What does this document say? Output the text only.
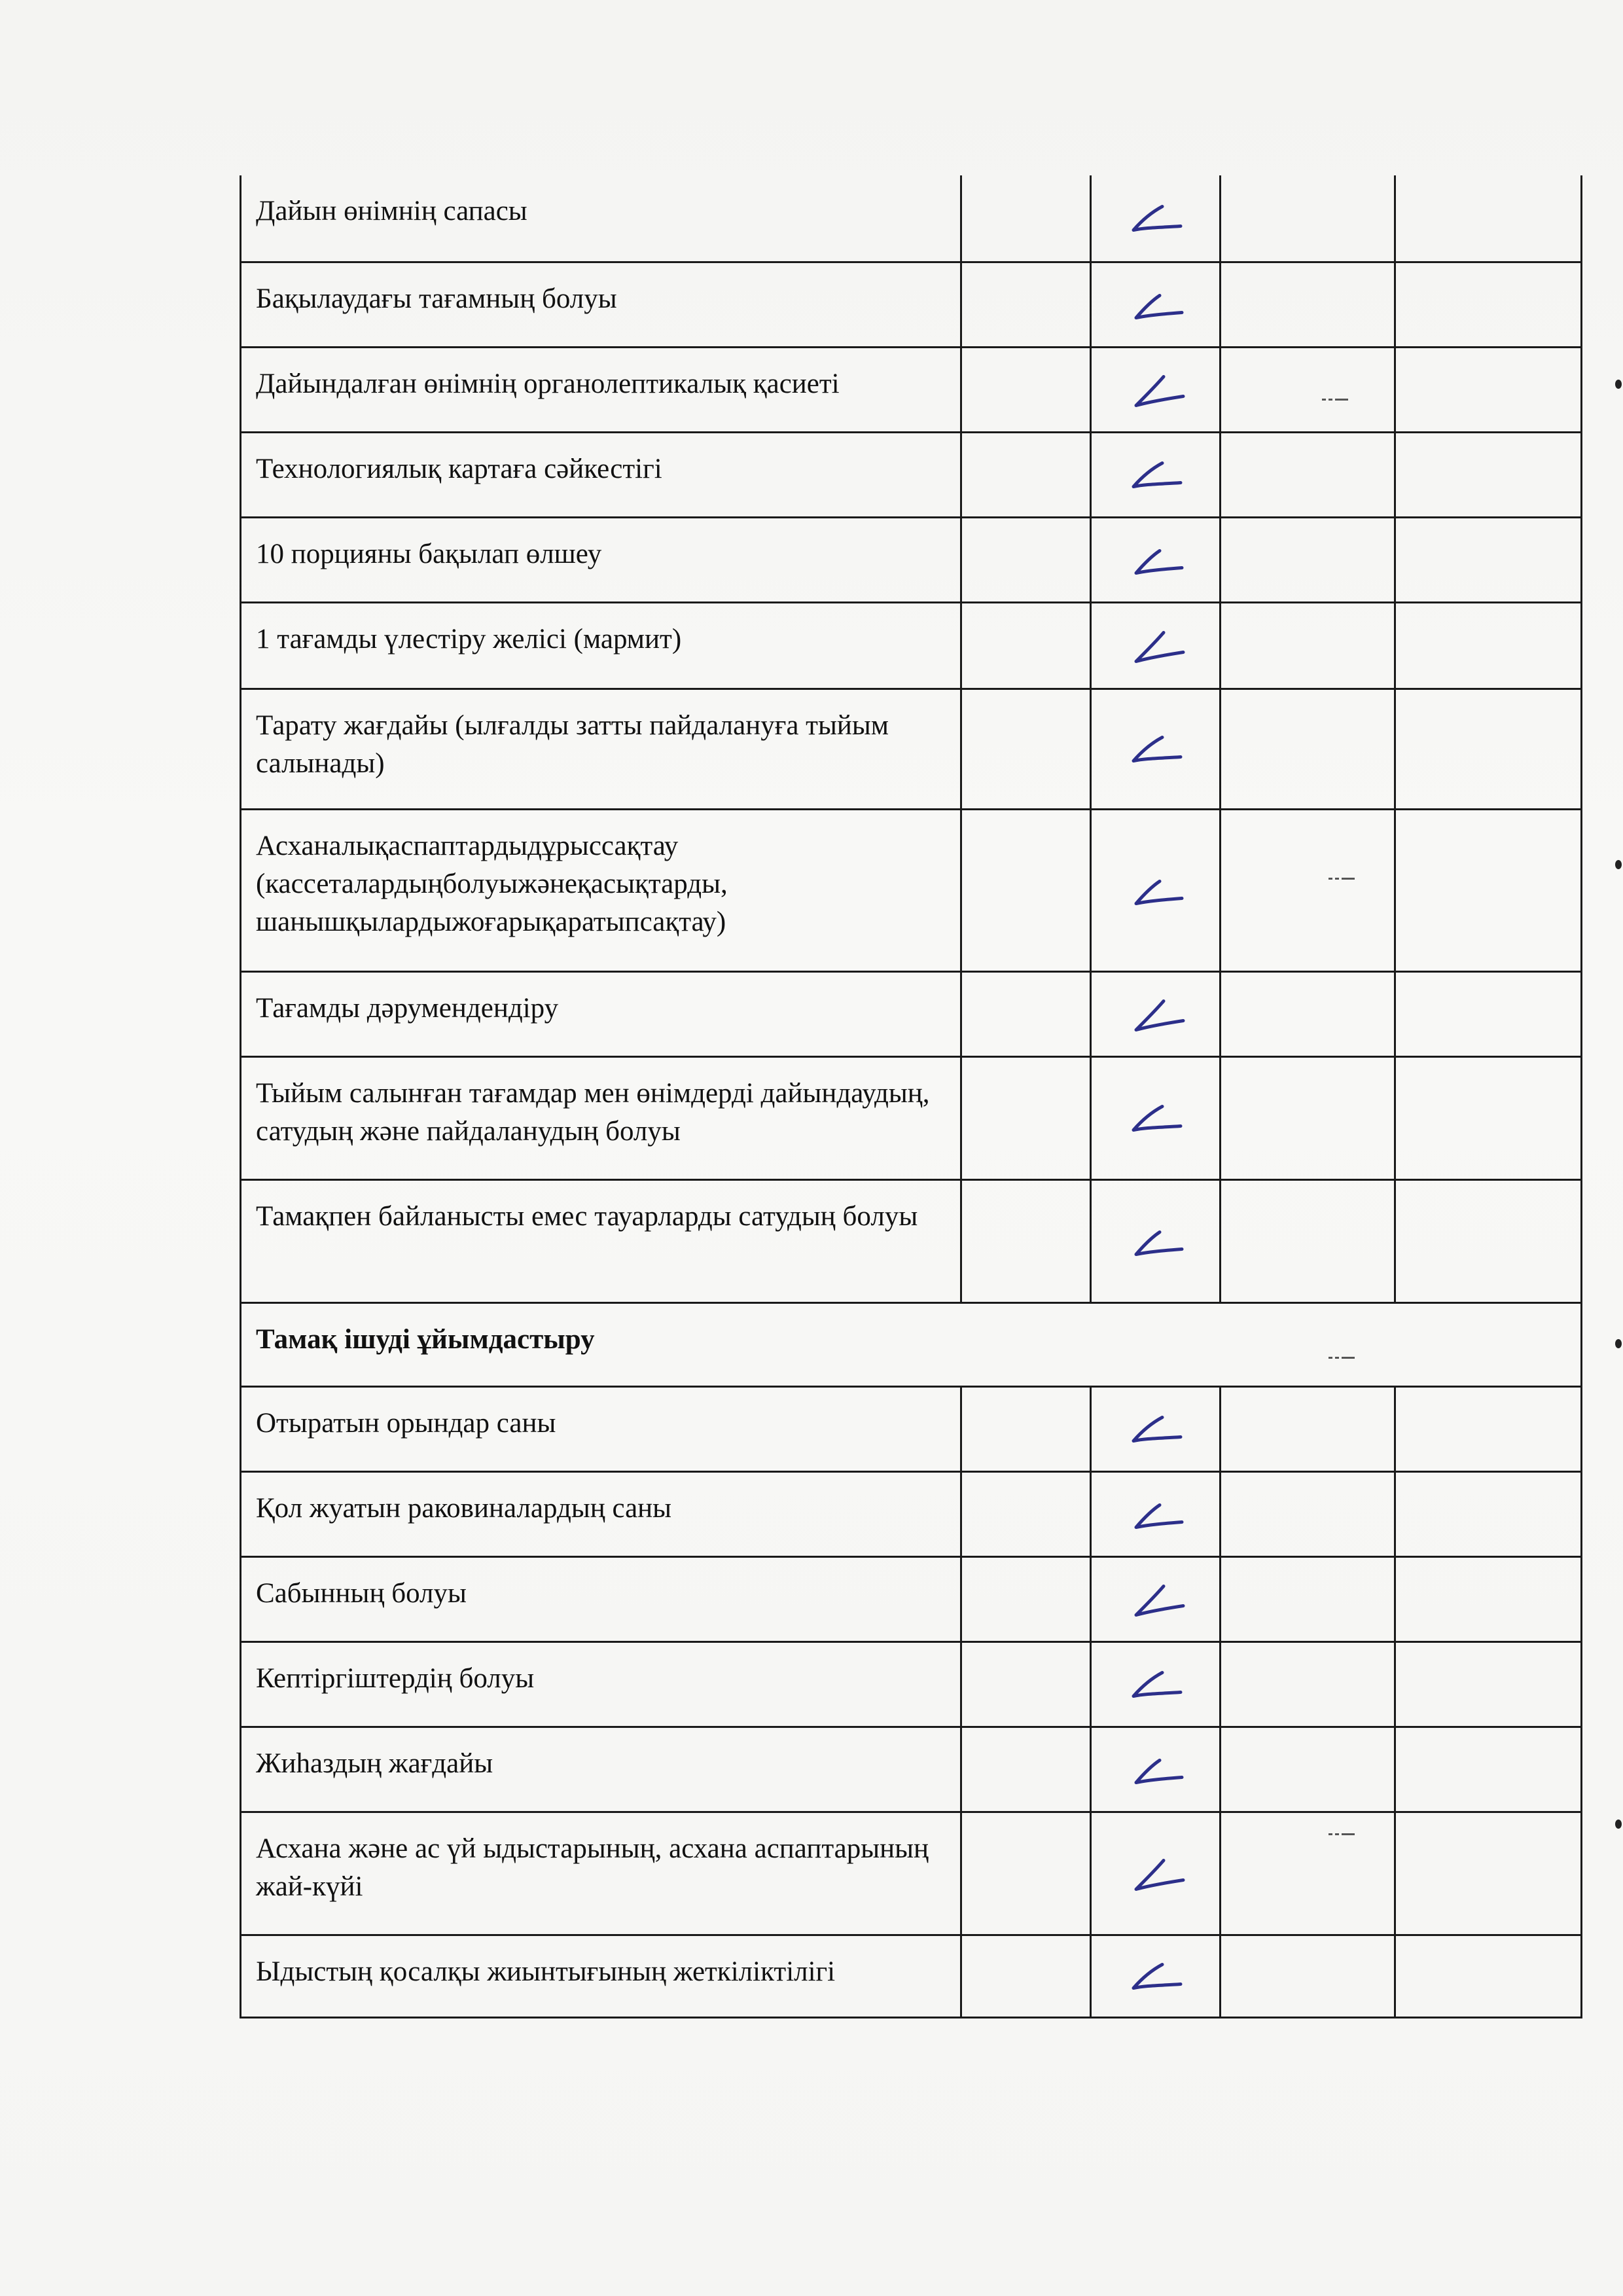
Дайын өнімнің сапасы		

Бақылаудағы тағамның болуы		

Дайындалған өнімнің органолептикалық қасиеті		

Технологиялық картаға сәйкестігі		

10 порцияны бақылап өлшеу		

1 тағамды үлестіру желісі (мармит)		

Тарату жағдайы (ылғалды затты пайдалануға тыйым салынады)		

Асханалықаспаптардыдұрыссақтау (кассеталардыңболуыжәнеқасықтарды, шанышқылардыжоғарықаратыпсақтау)		

Тағамды дәрумендендіру		

Тыйым салынған тағамдар мен өнімдерді дайындаудың, сатудың және пайдаланудың болуы		

Тамақпен байланысты емес тауарларды сатудың болуы		

Тамақ ішуді ұйымдастыру				
Отыратын орындар саны		

Қол жуатын раковиналардың саны		

Сабынның болуы		

Кептіргіштердің болуы		

Жиһаздың жағдайы		

Асхана және ас үй ыдыстарының, асхана аспаптарының жай-күйі		

Ыдыстың қосалқы жиынтығының жеткіліктілігі		
